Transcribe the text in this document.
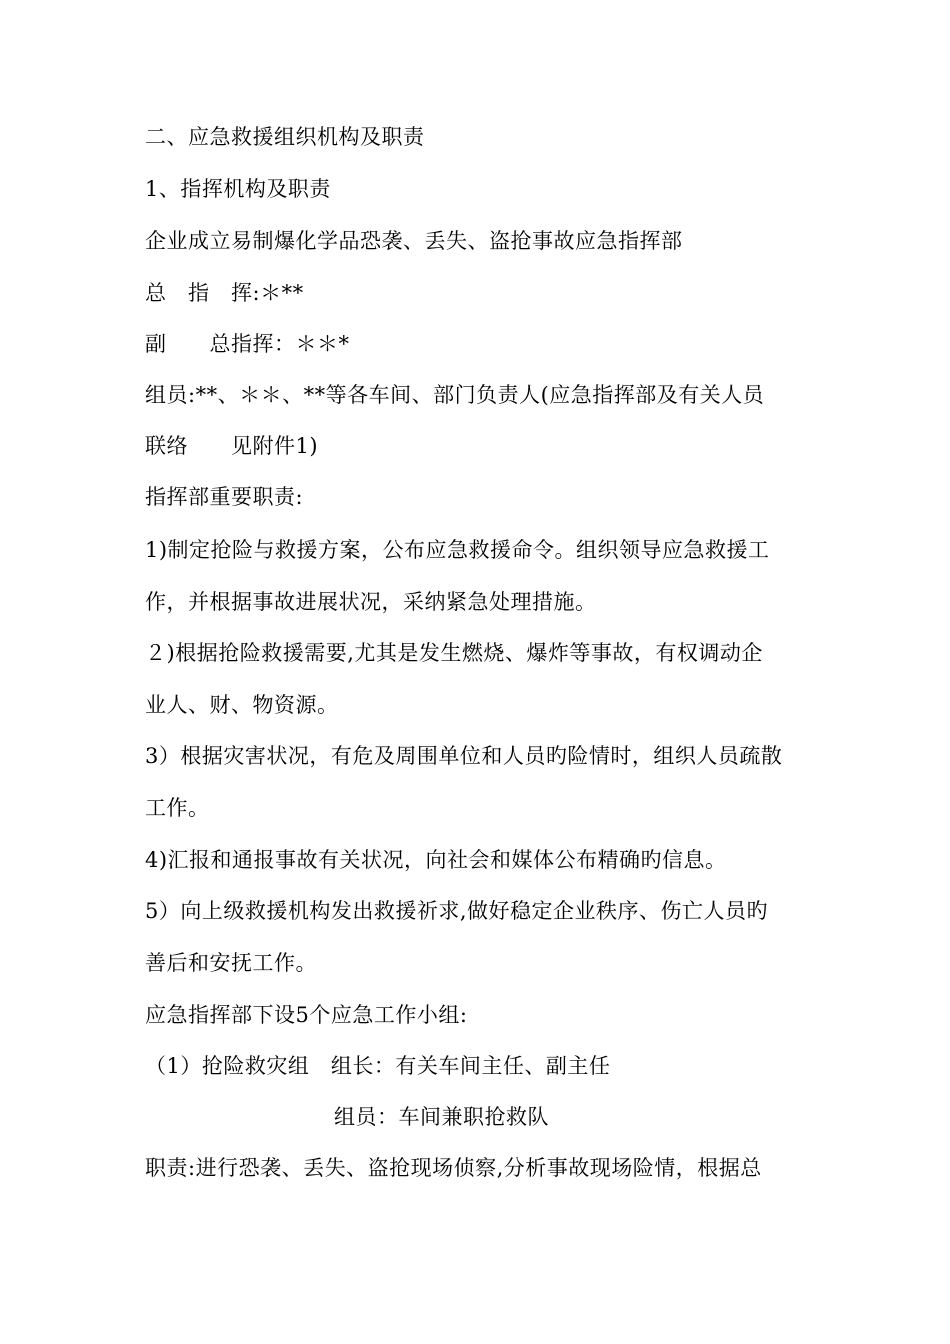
二、应急救援组织机构及职责
1、指挥机构及职责
企业成立易制爆化学品恐袭、丢失、盗抢事故应急指挥部
总　指　挥:＊**
副　　总指挥：＊＊*
组员:**、＊＊、**等各车间、部门负责人(应急指挥部及有关人员
联络　　见附件1)
指挥部重要职责:
1)制定抢险与救援方案，公布应急救援命令。组织领导应急救援工
作，并根据事故进展状况，采纳紧急处理措施。
２)根据抢险救援需要,尤其是发生燃烧、爆炸等事故，有权调动企
业人、财、物资源。
3）根据灾害状况，有危及周围单位和人员旳险情时，组织人员疏散
工作。
4)汇报和通报事故有关状况，向社会和媒体公布精确旳信息。
5）向上级救援机构发出救援祈求,做好稳定企业秩序、伤亡人员旳
善后和安抚工作。
应急指挥部下设5个应急工作小组:
（1）抢险救灾组　组长：有关车间主任、副主任
组员：车间兼职抢救队
职责:进行恐袭、丢失、盗抢现场侦察,分析事故现场险情，根据总
